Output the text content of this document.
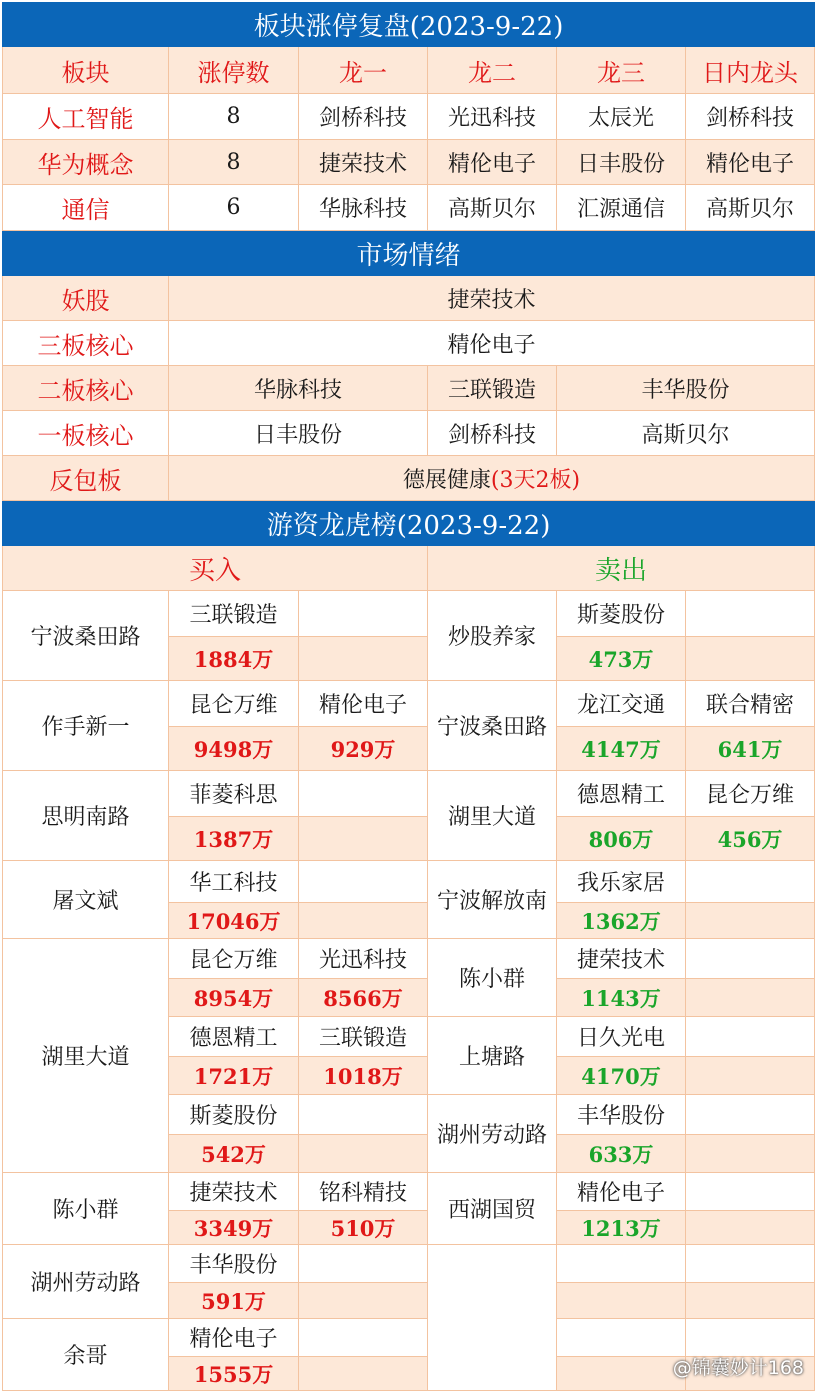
板块涨停复盘(2023-9-22)					
板块	涨停数	龙一	龙二	龙三	日内龙头
人工智能	8	剑桥科技	光迅科技	太辰光	剑桥科技
华为概念	8	捷荣技术	精伦电子	日丰股份	精伦电子
通信	6	华脉科技	高斯贝尔	汇源通信	高斯贝尔
市场情绪			
妖股	捷荣技术		
三板核心	精伦电子		
二板核心	华脉科技	三联锻造	丰华股份
一板核心	日丰股份	剑桥科技	高斯贝尔
反包板	德展健康(3天2板)		
游资龙虎榜(2023-9-22)					
买入			卖出		
宁波桑田路	三联锻造		炒股养家	斯菱股份	
	1884万			473万	
作手新一	昆仑万维	精伦电子	宁波桑田路	龙江交通	联合精密
	9498万	929万		4147万	641万
思明南路	菲菱科思		湖里大道	德恩精工	昆仑万维
	1387万			806万	456万
屠文斌	华工科技		宁波解放南	我乐家居	
	17046万			1362万	
湖里大道	昆仑万维	光迅科技	陈小群	捷荣技术	
	8954万	8566万		1143万	
	德恩精工	三联锻造	上塘路	日久光电	
	1721万	1018万		4170万	
	斯菱股份		湖州劳动路	丰华股份	
	542万			633万	
陈小群	捷荣技术	铭科精技	西湖国贸	精伦电子	
	3349万	510万		1213万	
湖州劳动路	丰华股份				
	591万				
余哥	精伦电子				
	1555万					@锦囊妙计168
